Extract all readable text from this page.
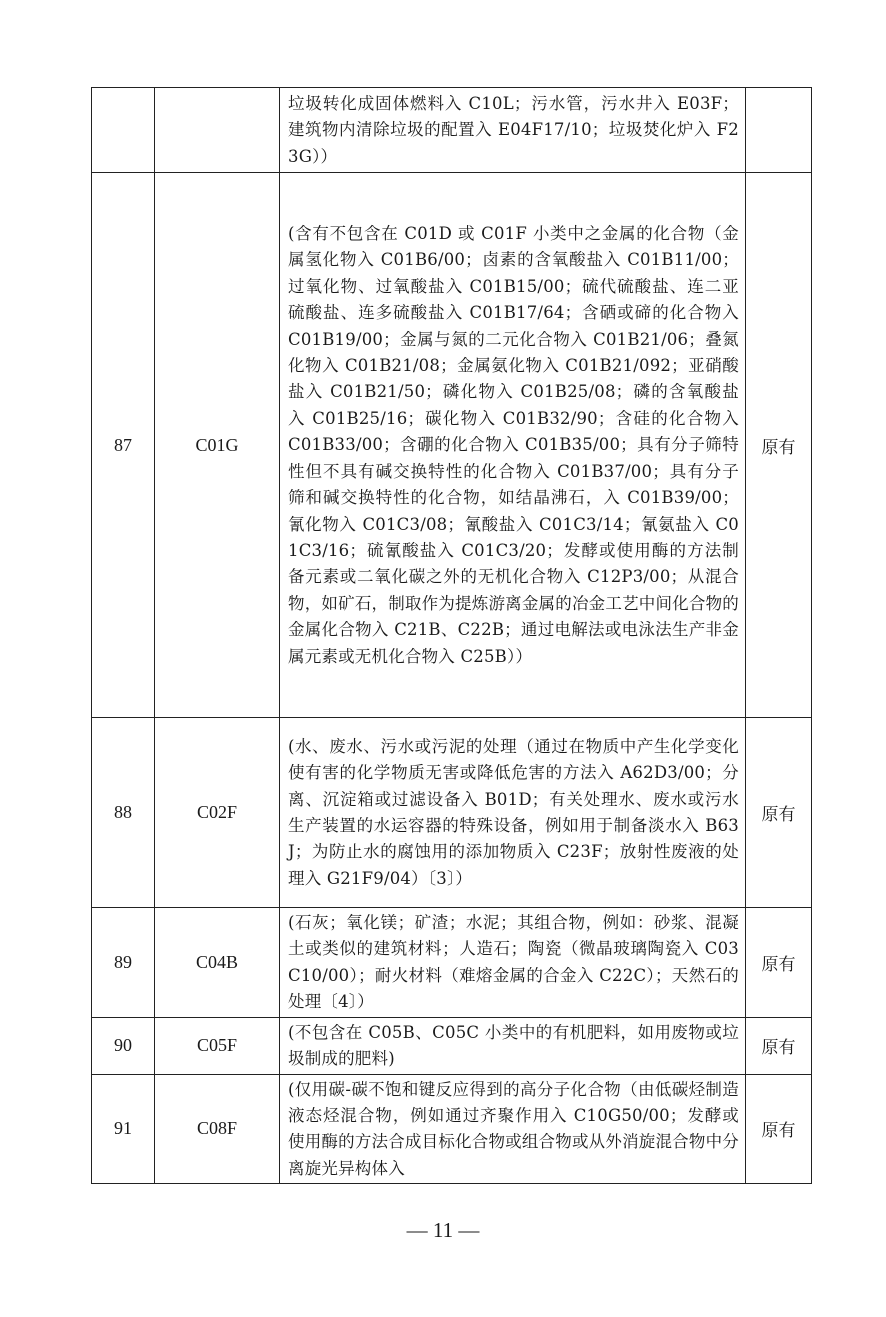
		垃圾转化成固体燃料入 C10L；污水管，污水井入 E03F；建筑物内清除垃圾的配置入 E04F17/10；垃圾焚化炉入 F23G））	
87	C01G	(含有不包含在 C01D 或 C01F 小类中之金属的化合物（金属氢化物入 C01B6/00；卤素的含氧酸盐入 C01B11/00；过氧化物、过氧酸盐入 C01B15/00；硫代硫酸盐、连二亚硫酸盐、连多硫酸盐入 C01B17/64；含硒或碲的化合物入 C01B19/00；金属与氮的二元化合物入 C01B21/06；叠氮化物入 C01B21/08；金属氨化物入 C01B21/092；亚硝酸盐入 C01B21/50；磷化物入 C01B25/08；磷的含氧酸盐入 C01B25/16；碳化物入 C01B32/90；含硅的化合物入 C01B33/00；含硼的化合物入 C01B35/00；具有分子筛特性但不具有碱交换特性的化合物入 C01B37/00；具有分子筛和碱交换特性的化合物，如结晶沸石，入 C01B39/00；氰化物入 C01C3/08；氰酸盐入 C01C3/14；氰氨盐入 C01C3/16；硫氰酸盐入 C01C3/20；发酵或使用酶的方法制备元素或二氧化碳之外的无机化合物入 C12P3/00；从混合物，如矿石，制取作为提炼游离金属的冶金工艺中间化合物的金属化合物入 C21B、C22B；通过电解法或电泳法生产非金属元素或无机化合物入 C25B））	原有
88	C02F	(水、废水、污水或污泥的处理（通过在物质中产生化学变化使有害的化学物质无害或降低危害的方法入 A62D3/00；分离、沉淀箱或过滤设备入 B01D；有关处理水、废水或污水生产装置的水运容器的特殊设备，例如用于制备淡水入 B63J；为防止水的腐蚀用的添加物质入 C23F；放射性废液的处理入 G21F9/04）〔3〕）	原有
89	C04B	(石灰；氧化镁；矿渣；水泥；其组合物，例如：砂浆、混凝土或类似的建筑材料；人造石；陶瓷（微晶玻璃陶瓷入 C03C10/00）；耐火材料（难熔金属的合金入 C22C）；天然石的处理〔4〕）	原有
90	C05F	(不包含在 C05B、C05C 小类中的有机肥料，如用废物或垃圾制成的肥料)	原有
91	C08F	(仅用碳-碳不饱和键反应得到的高分子化合物（由低碳烃制造液态烃混合物，例如通过齐聚作用入 C10G50/00；发酵或使用酶的方法合成目标化合物或组合物或从外消旋混合物中分离旋光异构体入	原有
— 11 —
